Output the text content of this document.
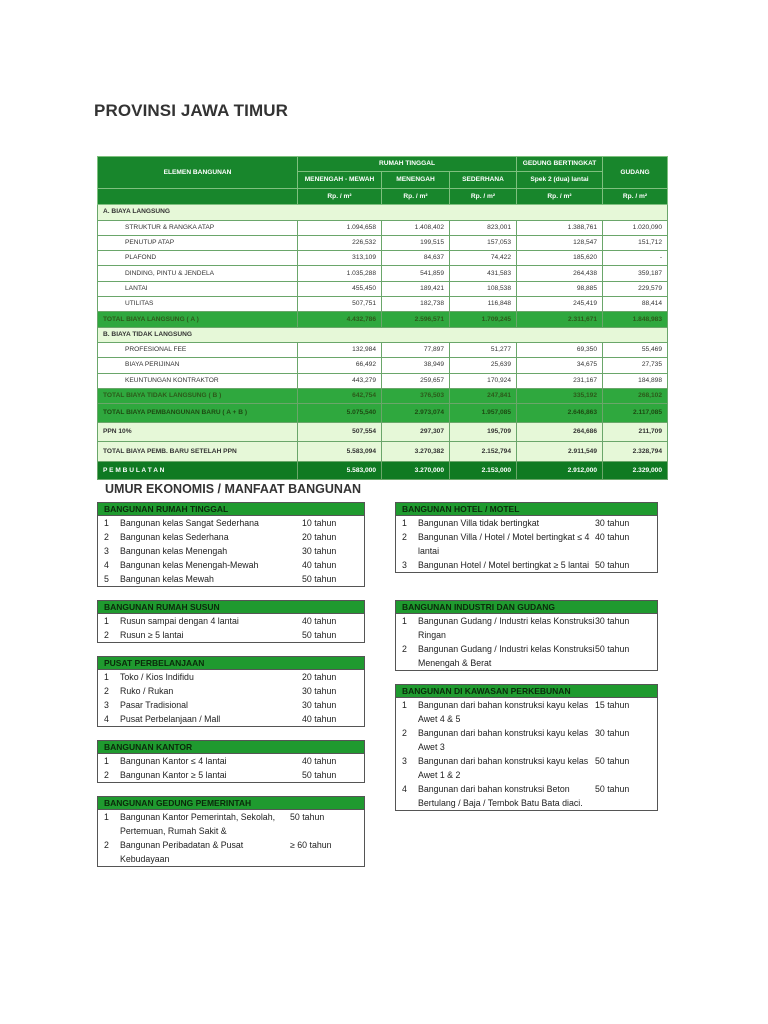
PROVINSI JAWA TIMUR
ELEMEN BANGUNAN	RUMAH TINGGAL			GEDUNG BERTINGKAT	GUDANG
	MENENGAH - MEWAH	MENENGAH	SEDERHANA	Spek 2 (dua) lantai	
	Rp. / m²	Rp. / m²	Rp. / m²	Rp. / m²	Rp. / m²
A. BIAYA LANGSUNG					
STRUKTUR & RANGKA ATAP	1.094,658	1.408,402	823,001	1.388,761	1.020,090
PENUTUP ATAP	226,532	199,515	157,053	128,547	151,712
PLAFOND	313,109	84,637	74,422	185,620	-
DINDING, PINTU & JENDELA	1.035,288	541,859	431,583	264,438	359,187
LANTAI	455,450	189,421	108,538	98,885	229,579
UTILITAS	507,751	182,738	116,848	245,419	88,414
TOTAL BIAYA LANGSUNG ( A )	4.432,786	2.596,571	1.709,245	2.311,671	1.848,983
B. BIAYA TIDAK LANGSUNG					
PROFESIONAL FEE	132,984	77,897	51,277	69,350	55,469
BIAYA PERIJINAN	66,492	38,949	25,639	34,675	27,735
KEUNTUNGAN KONTRAKTOR	443,279	259,657	170,924	231,167	184,898
TOTAL BIAYA TIDAK LANGSUNG ( B )	642,754	376,503	247,841	335,192	268,102
TOTAL BIAYA PEMBANGUNAN BARU ( A + B )	5.075,540	2.973,074	1.957,085	2.646,863	2.117,085
PPN 10%	507,554	297,307	195,709	264,686	211,709
TOTAL BIAYA PEMB. BARU SETELAH PPN	5.583,094	3.270,382	2.152,794	2.911,549	2.328,794
P E M B U L A T A N	5.583,000	3.270,000	2.153,000	2.912,000	2.329,000
UMUR EKONOMIS / MANFAAT BANGUNAN
BANGUNAN RUMAH TINGGAL
1	Bangunan kelas Sangat Sederhana	10 tahun
2	Bangunan kelas Sederhana	20 tahun
3	Bangunan kelas Menengah	30 tahun
4	Bangunan kelas Menengah-Mewah	40 tahun
5	Bangunan kelas Mewah	50 tahun
BANGUNAN RUMAH SUSUN
1	Rusun sampai dengan 4 lantai	40 tahun
2	Rusun ≥ 5 lantai	50 tahun
PUSAT PERBELANJAAN
1	Toko / Kios Indifidu	20 tahun
2	Ruko / Rukan	30 tahun
3	Pasar Tradisional	30 tahun
4	Pusat Perbelanjaan / Mall	40 tahun
BANGUNAN KANTOR
1	Bangunan Kantor ≤ 4 lantai	40 tahun
2	Bangunan Kantor ≥ 5 lantai	50 tahun
BANGUNAN GEDUNG PEMERINTAH
1	Bangunan Kantor Pemerintah, Sekolah, Pertemuan, Rumah Sakit &
50 tahun
2	Bangunan Peribadatan & Pusat Kebudayaan
≥ 60 tahun
BANGUNAN HOTEL / MOTEL
1	Bangunan Villa tidak bertingkat	30 tahun
2	Bangunan Villa / Hotel / Motel bertingkat ≤ 4 lantai
40 tahun
3	Bangunan Hotel / Motel bertingkat ≥ 5 lantai 50 tahun
BANGUNAN INDUSTRI DAN GUDANG
1	Bangunan Gudang / Industri kelas Konstruksi Ringan
30 tahun
2	Bangunan Gudang / Industri kelas Konstruksi Menengah & Berat
50 tahun
BANGUNAN DI KAWASAN PERKEBUNAN
1	Bangunan dari bahan konstruksi kayu kelas Awet 4 & 5
15 tahun
2	Bangunan dari bahan konstruksi kayu kelas Awet 3
30 tahun
3	Bangunan dari bahan konstruksi kayu kelas Awet 1 & 2
50 tahun
4	Bangunan dari bahan konstruksi Beton Bertulang / Baja / Tembok Batu Bata diaci.
50 tahun
